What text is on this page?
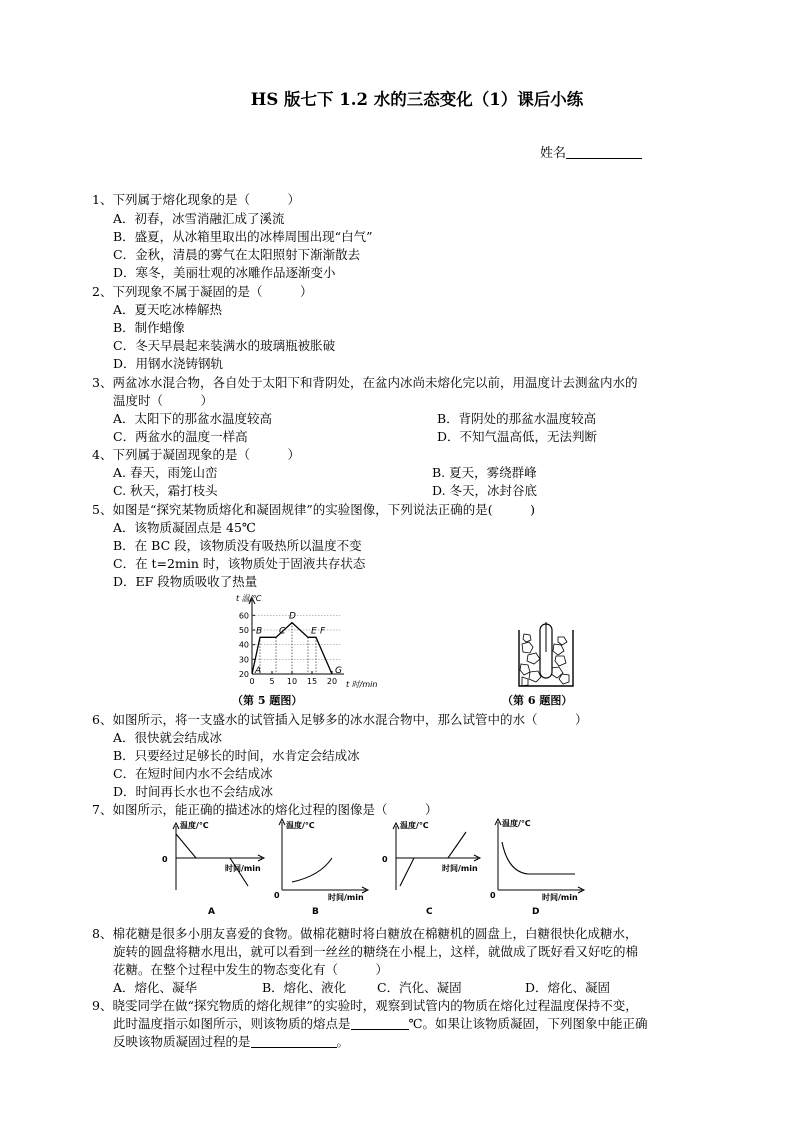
HS 版七下 1.2 水的三态变化（1）课后小练
姓名
1、下列属于熔化现象的是（　　　）
A．初春，冰雪消融汇成了溪流
B．盛夏，从冰箱里取出的冰棒周围出现“白气”
C．金秋，清晨的雾气在太阳照射下渐渐散去
D．寒冬，美丽壮观的冰雕作品逐渐变小
2、下列现象不属于凝固的是（　　　）
A．夏天吃冰棒解热
B．制作蜡像
C．冬天早晨起来装满水的玻璃瓶被胀破
D．用钢水浇铸钢轨
3、两盆冰水混合物，各自处于太阳下和背阴处，在盆内冰尚未熔化完以前，用温度计去测盆内水的
温度时（　　　）
A．太阳下的那盆水温度较高	B．背阴处的那盆水温度较高
C．两盆水的温度一样高	D．不知气温高低，无法判断
4、下列属于凝固现象的是（　　　）
A. 春天，雨笼山峦	B. 夏天，雾绕群峰
C. 秋天，霜打枝头	D. 冬天，冰封谷底
5、如图是“探究某物质熔化和凝固规律”的实验图像，下列说法正确的是(　　　)
A．该物质凝固点是 45℃
B．在 BC 段，该物质没有吸热所以温度不变
C．在 t=2min 时，该物质处于固液共存状态
D．EF 段物质吸收了热量
t 温/℃
t 时/min
20
30
40
50
60
0 5 10 15 20
A
B C
D
E F
G
（第 5 题图）	（第 6 题图）
6、如图所示，将一支盛水的试管插入足够多的冰水混合物中，那么试管中的水（　　　）
A．很快就会结成冰
B．只要经过足够长的时间，水肯定会结成冰
C．在短时间内水不会结成冰
D．时间再长水也不会结成冰
7、如图所示，能正确的描述冰的熔化过程的图像是（　　　）
温度/℃
0
时间/min
A
温度/℃
0	时间/min
B
温度/℃
0
时间/min
C
温度/℃
0	时间/min
D
8、棉花糖是很多小朋友喜爱的食物。做棉花糖时将白糖放在棉糖机的圆盘上，白糖很快化成糖水，
旋转的圆盘将糖水甩出，就可以看到一丝丝的糖绕在小棍上，这样，就做成了既好看又好吃的棉
花糖。在整个过程中发生的物态变化有（　　　）
A．熔化、凝华	B．熔化、液化 C．汽化、凝固	D．熔化、凝固
9、晓雯同学在做“探究物质的熔化规律”的实验时，观察到试管内的物质在熔化过程温度保持不变，
此时温度指示如图所示，则该物质的熔点是	℃。如果让该物质凝固，下列图象中能正确
反映该物质凝固过程的是	。
